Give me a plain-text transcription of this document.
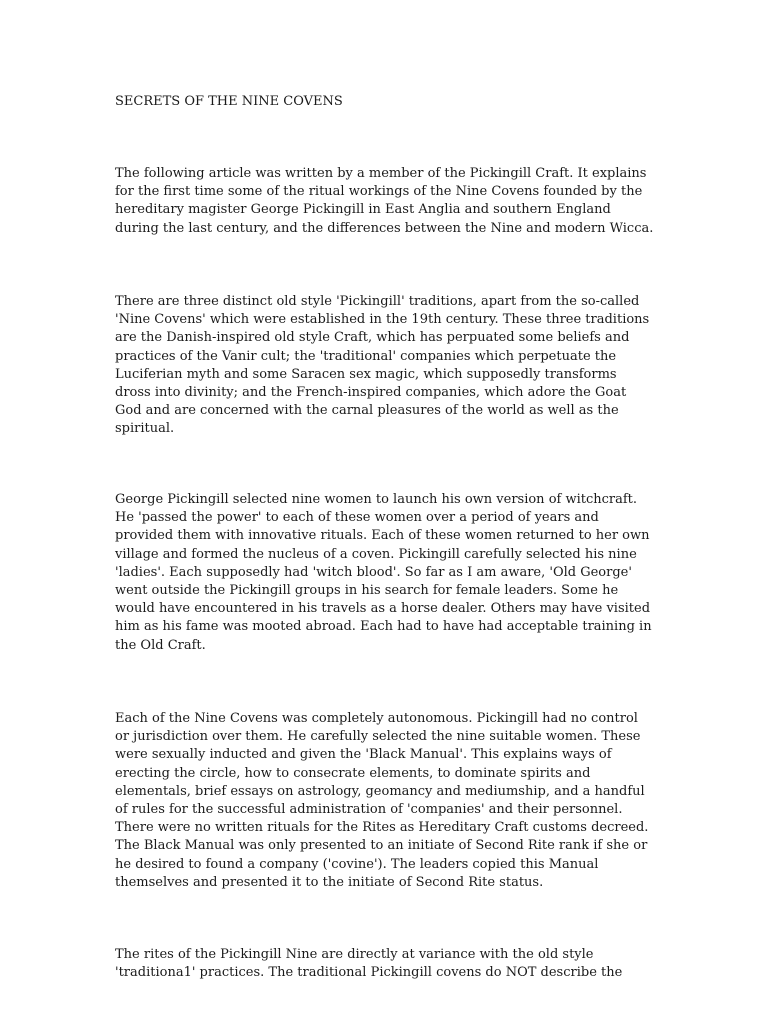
SECRETS OF THE NINE COVENS

The following article was written by a member of the Pickingill Craft. It explains
for the first time some of the ritual workings of the Nine Covens founded by the
hereditary magister George Pickingill in East Anglia and southern England
during the last century, and the differences between the Nine and modern Wicca.

There are three distinct old style 'Pickingill' traditions, apart from the so-called
'Nine Covens' which were established in the 19th century. These three traditions
are the Danish-inspired old style Craft, which has perpuated some beliefs and
practices of the Vanir cult; the 'traditional' companies which perpetuate the
Luciferian myth and some Saracen sex magic, which supposedly transforms
dross into divinity; and the French-inspired companies, which adore the Goat
God and are concerned with the carnal pleasures of the world as well as the
spiritual.

George Pickingill selected nine women to launch his own version of witchcraft.
He 'passed the power' to each of these women over a period of years and
provided them with innovative rituals. Each of these women returned to her own
village and formed the nucleus of a coven. Pickingill carefully selected his nine
'ladies'. Each supposedly had 'witch blood'. So far as I am aware, 'Old George'
went outside the Pickingill groups in his search for female leaders. Some he
would have encountered in his travels as a horse dealer. Others may have visited
him as his fame was mooted abroad. Each had to have had acceptable training in
the Old Craft.

Each of the Nine Covens was completely autonomous. Pickingill had no control
or jurisdiction over them. He carefully selected the nine suitable women. These
were sexually inducted and given the 'Black Manual'. This explains ways of
erecting the circle, how to consecrate elements, to dominate spirits and
elementals, brief essays on astrology, geomancy and mediumship, and a handful
of rules for the successful administration of 'companies' and their personnel.
There were no written rituals for the Rites as Hereditary Craft customs decreed.
The Black Manual was only presented to an initiate of Second Rite rank if she or
he desired to found a company ('covine'). The leaders copied this Manual
themselves and presented it to the initiate of Second Rite status.

The rites of the Pickingill Nine are directly at variance with the old style
'traditiona1' practices. The traditional Pickingill covens do NOT describe the
